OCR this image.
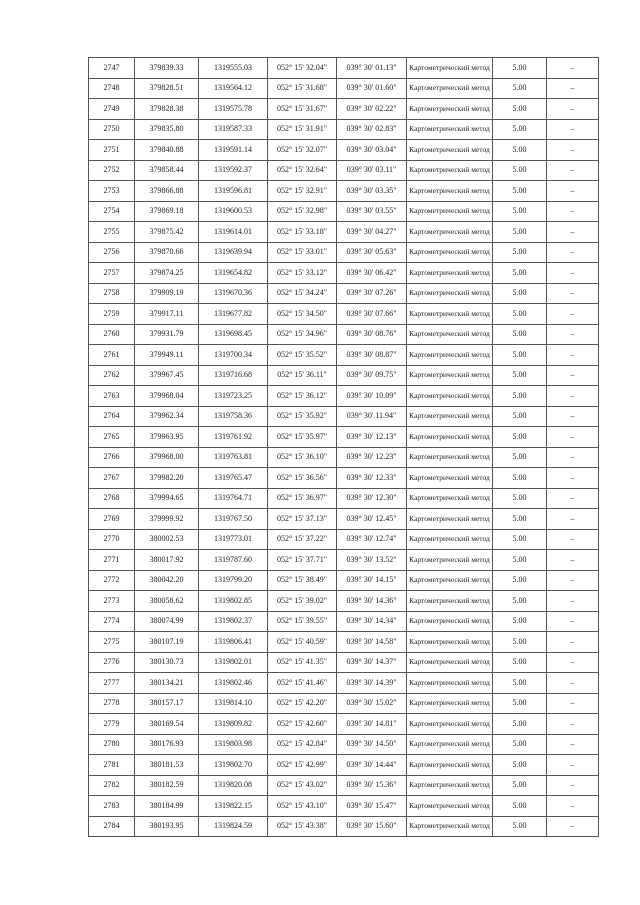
2747	379839.33	1319555.03	052° 15' 32.04"	039° 30' 01.13"	Картометрический метод	5.00	–
2748	379828.51	1319564.12	052° 15' 31.68"	039° 30' 01.60"	Картометрический метод	5.00	–
2749	379828.38	1319575.78	052° 15' 31.67"	039° 30' 02.22"	Картометрический метод	5.00	–
2750	379835.80	1319587.33	052° 15' 31.91"	039° 30' 02.83"	Картометрический метод	5.00	–
2751	379840.88	1319591.14	052° 15' 32.07"	039° 30' 03.04"	Картометрический метод	5.00	–
2752	379858.44	1319592.37	052° 15' 32.64"	039° 30' 03.11"	Картометрический метод	5.00	–
2753	379866.88	1319596.81	052° 15' 32.91"	039° 30' 03.35"	Картометрический метод	5.00	–
2754	379869.18	1319600.53	052° 15' 32.98"	039° 30' 03.55"	Картометрический метод	5.00	–
2755	379875.42	1319614.01	052° 15' 33.18"	039° 30' 04.27"	Картометрический метод	5.00	–
2756	379870.66	1319639.94	052° 15' 33.01"	039° 30' 05.63"	Картометрический метод	5.00	–
2757	379874.25	1319654.82	052° 15' 33.12"	039° 30' 06.42"	Картометрический метод	5.00	–
2758	379909.19	1319670.36	052° 15' 34.24"	039° 30' 07.26"	Картометрический метод	5.00	–
2759	379917.11	1319677.82	052° 15' 34.50"	039° 30' 07.66"	Картометрический метод	5.00	–
2760	379931.79	1319698.45	052° 15' 34.96"	039° 30' 08.76"	Картометрический метод	5.00	–
2761	379949.11	1319700.34	052° 15' 35.52"	039° 30' 08.87"	Картометрический метод	5.00	–
2762	379967.45	1319716.68	052° 15' 36.11"	039° 30' 09.75"	Картометрический метод	5.00	–
2763	379968.04	1319723.25	052° 15' 36.12"	039° 30' 10.09"	Картометрический метод	5.00	–
2764	379962.34	1319758.36	052° 15' 35.92"	039° 30' 11.94"	Картометрический метод	5.00	–
2765	379963.95	1319761.92	052° 15' 35.97"	039° 30' 12.13"	Картометрический метод	5.00	–
2766	379968.00	1319763.81	052° 15' 36.10"	039° 30' 12.23"	Картометрический метод	5.00	–
2767	379982.20	1319765.47	052° 15' 36.56"	039° 30' 12.33"	Картометрический метод	5.00	–
2768	379994.65	1319764.71	052° 15' 36.97"	039° 30' 12.30"	Картометрический метод	5.00	–
2769	379999.92	1319767.50	052° 15' 37.13"	039° 30' 12.45"	Картометрический метод	5.00	–
2770	380002.53	1319773.01	052° 15' 37.22"	039° 30' 12.74"	Картометрический метод	5.00	–
2771	380017.92	1319787.60	052° 15' 37.71"	039° 30' 13.52"	Картометрический метод	5.00	–
2772	380042.20	1319799.20	052° 15' 38.49"	039° 30' 14.15"	Картометрический метод	5.00	–
2773	380058.62	1319802.85	052° 15' 39.02"	039° 30' 14.36"	Картометрический метод	5.00	–
2774	380074.99	1319802.37	052° 15' 39.55"	039° 30' 14.34"	Картометрический метод	5.00	–
2775	380107.19	1319806.41	052° 15' 40.59"	039° 30' 14.58"	Картометрический метод	5.00	–
2776	380130.73	1319802.01	052° 15' 41.35"	039° 30' 14.37"	Картометрический метод	5.00	–
2777	380134.21	1319802.46	052° 15' 41.46"	039° 30' 14.39"	Картометрический метод	5.00	–
2778	380157.17	1319814.10	052° 15' 42.20"	039° 30' 15.02"	Картометрический метод	5.00	–
2779	380169.54	1319809.82	052° 15' 42.60"	039° 30' 14.81"	Картометрический метод	5.00	–
2780	380176.93	1319803.98	052° 15' 42.84"	039° 30' 14.50"	Картометрический метод	5.00	–
2781	380181.53	1319802.70	052° 15' 42.99"	039° 30' 14.44"	Картометрический метод	5.00	–
2782	380182.59	1319820.08	052° 15' 43.02"	039° 30' 15.36"	Картометрический метод	5.00	–
2783	380184.99	1319822.15	052° 15' 43.10"	039° 30' 15.47"	Картометрический метод	5.00	–
2784	380193.95	1319824.59	052° 15' 43.38"	039° 30' 15.60"	Картометрический метод	5.00	–
